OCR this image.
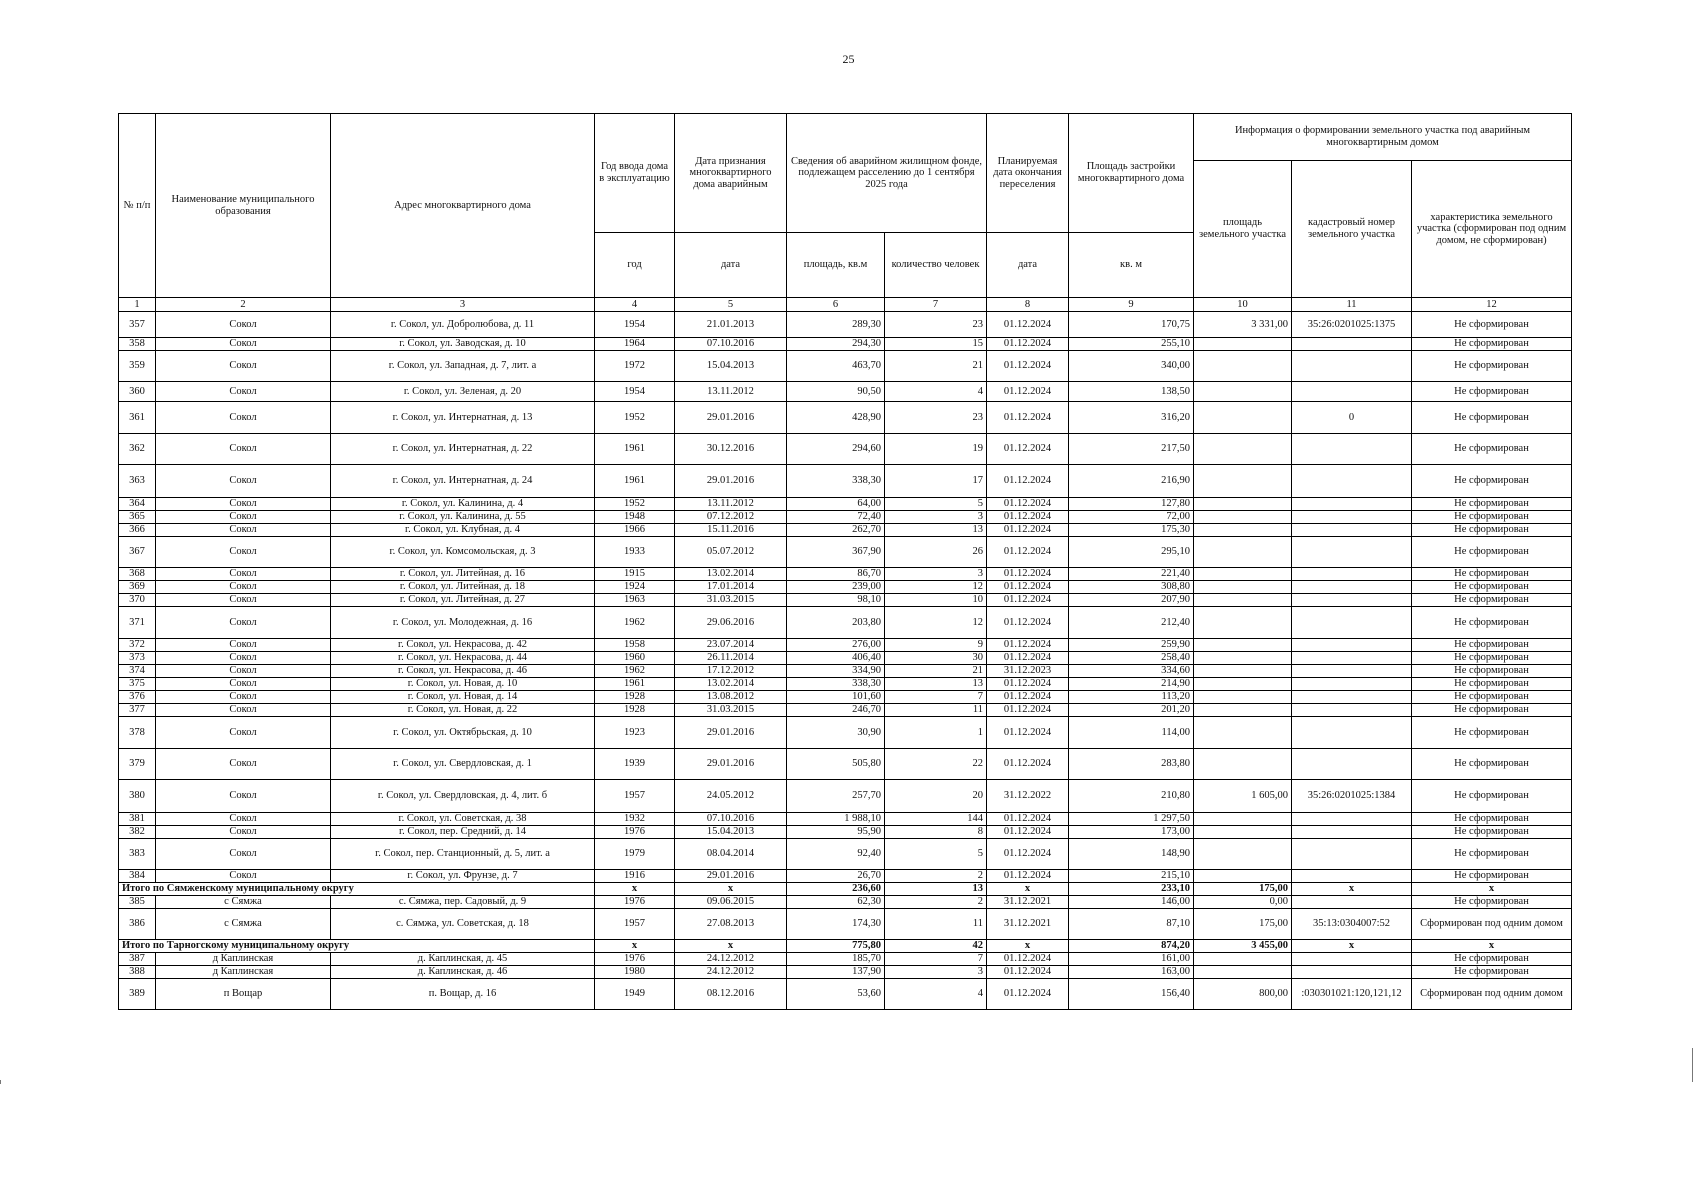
25
№ п/п	Наименование муниципального образования	Адрес многоквартирного дома	Год ввода дома в эксплуатацию	Дата признания многоквартирного дома аварийным	Сведения об аварийном жилищном фонде, подлежащем расселению до 1 сентября 2025 года		Планируемая дата окончания переселения	Площадь застройки многоквартирного дома	Информация о формировании земельного участка под аварийным многоквартирным домом		
									площадь земельного участка	кадастровый номер земельного участка	характеристика земельного участка (сформирован под одним домом, не сформирован)
			год	дата	площадь, кв.м	количество человек	дата	кв. м			
1	2	3	4	5	6	7	8	9	10	11	12
357	Сокол	г. Сокол, ул. Добролюбова, д. 11	1954	21.01.2013	289,30	23	01.12.2024	170,75	3 331,00	35:26:0201025:1375	Не сформирован
358	Сокол	г. Сокол, ул. Заводская, д. 10	1964	07.10.2016	294,30	15	01.12.2024	255,10			Не сформирован
359	Сокол	г. Сокол, ул. Западная, д. 7, лит. а	1972	15.04.2013	463,70	21	01.12.2024	340,00			Не сформирован
360	Сокол	г. Сокол, ул. Зеленая, д. 20	1954	13.11.2012	90,50	4	01.12.2024	138,50			Не сформирован
361	Сокол	г. Сокол, ул. Интернатная, д. 13	1952	29.01.2016	428,90	23	01.12.2024	316,20		0	Не сформирован
362	Сокол	г. Сокол, ул. Интернатная, д. 22	1961	30.12.2016	294,60	19	01.12.2024	217,50			Не сформирован
363	Сокол	г. Сокол, ул. Интернатная, д. 24	1961	29.01.2016	338,30	17	01.12.2024	216,90			Не сформирован
364	Сокол	г. Сокол, ул. Калинина, д. 4	1952	13.11.2012	64,00	5	01.12.2024	127,80			Не сформирован
365	Сокол	г. Сокол, ул. Калинина, д. 55	1948	07.12.2012	72,40	3	01.12.2024	72,00			Не сформирован
366	Сокол	г. Сокол, ул. Клубная, д. 4	1966	15.11.2016	262,70	13	01.12.2024	175,30			Не сформирован
367	Сокол	г. Сокол, ул. Комсомольская, д. 3	1933	05.07.2012	367,90	26	01.12.2024	295,10			Не сформирован
368	Сокол	г. Сокол, ул. Литейная, д. 16	1915	13.02.2014	86,70	3	01.12.2024	221,40			Не сформирован
369	Сокол	г. Сокол, ул. Литейная, д. 18	1924	17.01.2014	239,00	12	01.12.2024	308,80			Не сформирован
370	Сокол	г. Сокол, ул. Литейная, д. 27	1963	31.03.2015	98,10	10	01.12.2024	207,90			Не сформирован
371	Сокол	г. Сокол, ул. Молодежная, д. 16	1962	29.06.2016	203,80	12	01.12.2024	212,40			Не сформирован
372	Сокол	г. Сокол, ул. Некрасова, д. 42	1958	23.07.2014	276,00	9	01.12.2024	259,90			Не сформирован
373	Сокол	г. Сокол, ул. Некрасова, д. 44	1960	26.11.2014	406,40	30	01.12.2024	258,40			Не сформирован
374	Сокол	г. Сокол, ул. Некрасова, д. 46	1962	17.12.2012	334,90	21	31.12.2023	334,60			Не сформирован
375	Сокол	г. Сокол, ул. Новая, д. 10	1961	13.02.2014	338,30	13	01.12.2024	214,90			Не сформирован
376	Сокол	г. Сокол, ул. Новая, д. 14	1928	13.08.2012	101,60	7	01.12.2024	113,20			Не сформирован
377	Сокол	г. Сокол, ул. Новая, д. 22	1928	31.03.2015	246,70	11	01.12.2024	201,20			Не сформирован
378	Сокол	г. Сокол, ул. Октябрьская, д. 10	1923	29.01.2016	30,90	1	01.12.2024	114,00			Не сформирован
379	Сокол	г. Сокол, ул. Свердловская, д. 1	1939	29.01.2016	505,80	22	01.12.2024	283,80			Не сформирован
380	Сокол	г. Сокол, ул. Свердловская, д. 4, лит. б	1957	24.05.2012	257,70	20	31.12.2022	210,80	1 605,00	35:26:0201025:1384	Не сформирован
381	Сокол	г. Сокол, ул. Советская, д. 38	1932	07.10.2016	1 988,10	144	01.12.2024	1 297,50			Не сформирован
382	Сокол	г. Сокол, пер. Средний, д. 14	1976	15.04.2013	95,90	8	01.12.2024	173,00			Не сформирован
383	Сокол	г. Сокол, пер. Станционный, д. 5, лит. а	1979	08.04.2014	92,40	5	01.12.2024	148,90			Не сформирован
384	Сокол	г. Сокол, ул. Фрунзе, д. 7	1916	29.01.2016	26,70	2	01.12.2024	215,10			Не сформирован
Итого по Сямженскому муниципальному округу			x	x	236,60	13	x	233,10	175,00	x	x
385	с Сямжа	с. Сямжа, пер. Садовый, д. 9	1976	09.06.2015	62,30	2	31.12.2021	146,00	0,00		Не сформирован
386	с Сямжа	с. Сямжа, ул. Советская, д. 18	1957	27.08.2013	174,30	11	31.12.2021	87,10	175,00	35:13:0304007:52	Сформирован под одним домом
Итого по Тарногскому муниципальному округу			x	x	775,80	42	x	874,20	3 455,00	x	x
387	д Каплинская	д. Каплинская, д. 45	1976	24.12.2012	185,70	7	01.12.2024	161,00			Не сформирован
388	д Каплинская	д. Каплинская, д. 46	1980	24.12.2012	137,90	3	01.12.2024	163,00			Не сформирован
389	п Вощар	п. Вощар, д. 16	1949	08.12.2016	53,60	4	01.12.2024	156,40	800,00	:030301021:120,121,12	Сформирован под одним домом
